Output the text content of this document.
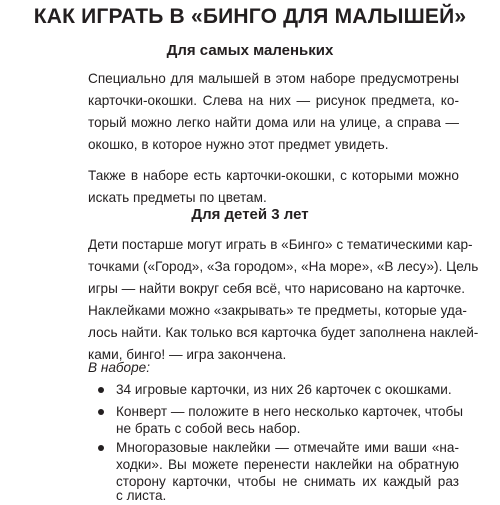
КАК ИГРАТЬ В «БИНГО ДЛЯ МАЛЫШЕЙ»
Для самых маленьких
Специально для малышей в этом наборе предусмотрены
карточки-окошки. Слева на них — рисунок предмета, ко-
торый можно легко найти дома или на улице, а справа —
окошко, в которое нужно этот предмет увидеть.
Также в наборе есть карточки-окошки, с которыми можно
искать предметы по цветам.
Для детей 3 лет
Дети постарше могут играть в «Бинго» с тематическими кар-
точками («Город», «За городом», «На море», «В лесу»). Цель
игры — найти вокруг себя всё, что нарисовано на карточке.
Наклейками можно «закрывать» те предметы, которые уда-
лось найти. Как только вся карточка будет заполнена наклей-
ками, бинго! — игра закончена.
В наборе:
34 игровые карточки, из них 26 карточек с окошками.
Конверт — положите в него несколько карточек, чтобы
не брать с собой весь набор.
Многоразовые наклейки — отмечайте ими ваши «на-
ходки». Вы можете перенести наклейки на обратную
сторону карточки, чтобы не снимать их каждый раз
с листа.
